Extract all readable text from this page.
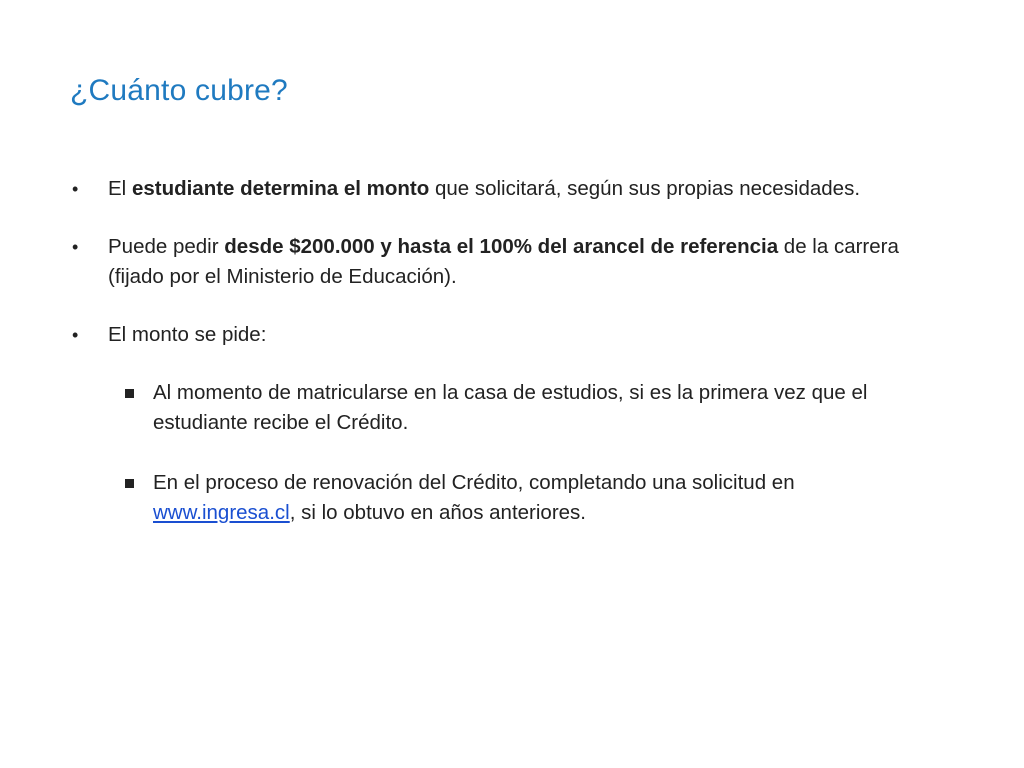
¿Cuánto cubre?

• El estudiante determina el monto que solicitará, según sus propias necesidades.

• Puede pedir desde $200.000 y hasta el 100% del arancel de referencia de la carrera (fijado por el Ministerio de Educación).

• El monto se pide:

Al momento de matricularse en la casa de estudios, si es la primera vez que el estudiante recibe el Crédito.

En el proceso de renovación del Crédito, completando una solicitud en www.ingresa.cl, si lo obtuvo en años anteriores.
